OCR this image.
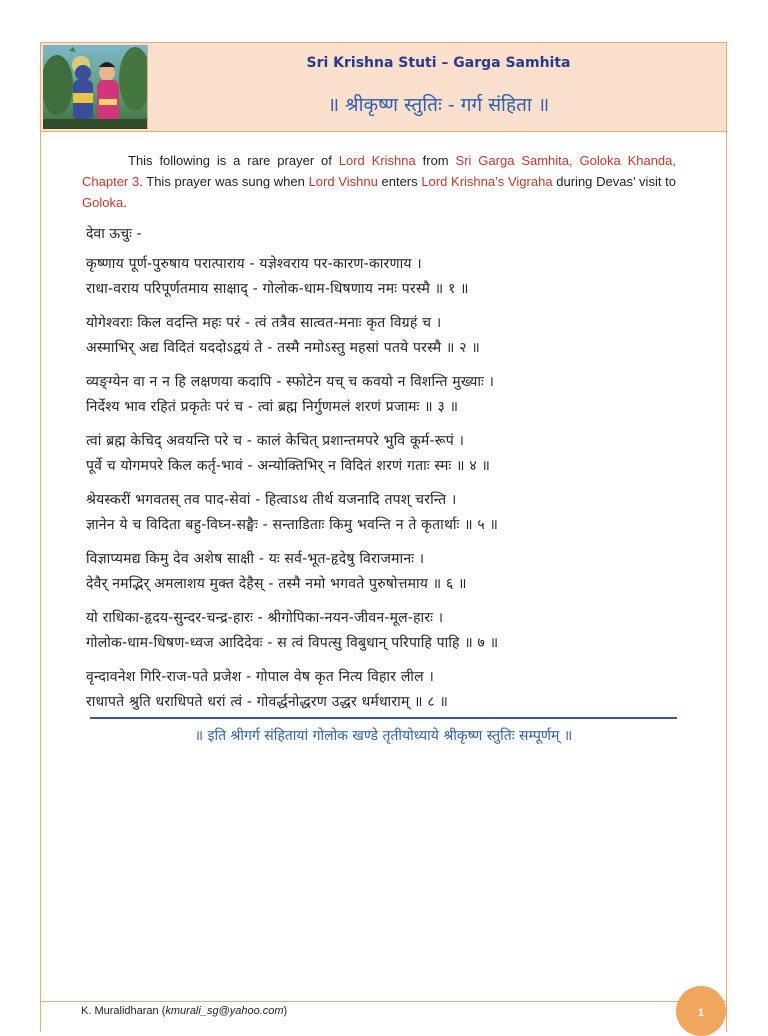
Sri Krishna Stuti – Garga Samhita
॥ श्रीकृष्ण स्तुतिः - गर्ग संहिता ॥
This following is a rare prayer of Lord Krishna from Sri Garga Samhita, Goloka Khanda, Chapter 3. This prayer was sung when Lord Vishnu enters Lord Krishna’s Vigraha during Devas’ visit to Goloka.
देवा ऊचुः -
कृष्णाय पूर्ण-पुरुषाय परात्पाराय - यज्ञेश्वराय पर-कारण-कारणाय ।
राधा-वराय परिपूर्णतमाय साक्षाद् - गोलोक-धाम-धिषणाय नमः परस्मै ॥ १ ॥
योगेश्वराः किल वदन्ति महः परं - त्वं तत्रैव सात्वत-मनाः कृत विग्रहं च ।
अस्माभिर् अद्य विदितं यददोऽद्वयं ते - तस्मै नमोऽस्तु महसां पतये परस्मै ॥ २ ॥
व्यङ्ग्येन वा न न हि लक्षणया कदापि - स्फोटेन यच् च कवयो न विशन्ति मुख्याः ।
निर्देश्य भाव रहितं प्रकृतेः परं च - त्वां ब्रह्म निर्गुणमलं शरणं प्रजामः ॥ ३ ॥
त्वां ब्रह्म केचिद् अवयन्ति परे च - कालं केचित् प्रशान्तमपरे भुवि कूर्म-रूपं ।
पूर्वे च योगमपरे किल कर्तृ-भावं - अन्योक्तिभिर् न विदितं शरणं गताः स्मः ॥ ४ ॥
श्रेयस्करीं भगवतस् तव पाद-सेवां - हित्वाऽथ तीर्थ यजनादि तपश् चरन्ति ।
ज्ञानेन ये च विदिता बहु-विघ्न-सङ्घैः - सन्ताडिताः किमु भवन्ति न ते कृतार्थाः ॥ ५ ॥
विज्ञाप्यमद्य किमु देव अशेष साक्षी - यः सर्व-भूत-हृदेषु विराजमानः ।
देवैर् नमद्भिर् अमलाशय मुक्त देहैस् - तस्मै नमो भगवते पुरुषोत्तमाय ॥ ६ ॥
यो राधिका-हृदय-सुन्दर-चन्द्र-हारः - श्रीगोपिका-नयन-जीवन-मूल-हारः ।
गोलोक-धाम-धिषण-ध्वज आदिदेवः - स त्वं विपत्सु विबुधान् परिपाहि पाहि ॥ ७ ॥
वृन्दावनेश गिरि-राज-पते प्रजेश - गोपाल वेष कृत नित्य विहार लील ।
राधापते श्रुति धराधिपते धरां त्वं - गोवर्द्धनोद्धरण उद्धर धर्मधाराम् ॥ ८ ॥
॥ इति श्रीगर्ग संहितायां गोलोक खण्डे तृतीयोध्याये श्रीकृष्ण स्तुतिः सम्पूर्णम् ॥
K. Muralidharan (kmurali_sg@yahoo.com)	1
